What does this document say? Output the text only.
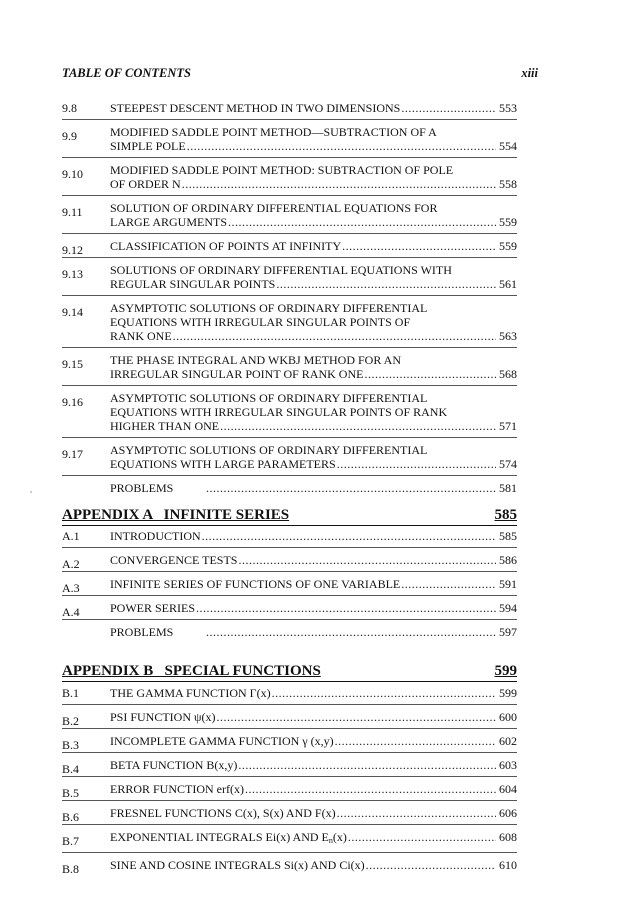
TABLE OF CONTENTS	xiii
9.8	STEEPEST DESCENT METHOD IN TWO DIMENSIONS .....	553
9.9	MODIFIED SADDLE POINT METHOD—SUBTRACTION OF A
SIMPLE POLE .....	554
9.10	MODIFIED SADDLE POINT METHOD: SUBTRACTION OF POLE
OF ORDER N .....	558
9.11	SOLUTION OF ORDINARY DIFFERENTIAL EQUATIONS FOR
LARGE ARGUMENTS .....	559
9.12	CLASSIFICATION OF POINTS AT INFINITY .....	559
9.13	SOLUTIONS OF ORDINARY DIFFERENTIAL EQUATIONS WITH
REGULAR SINGULAR POINTS .....	561
9.14	ASYMPTOTIC SOLUTIONS OF ORDINARY DIFFERENTIAL
EQUATIONS WITH IRREGULAR SINGULAR POINTS OF
RANK ONE .....	563
9.15	THE PHASE INTEGRAL AND WKBJ METHOD FOR AN
IRREGULAR SINGULAR POINT OF RANK ONE .....	568
9.16	ASYMPTOTIC SOLUTIONS OF ORDINARY DIFFERENTIAL
EQUATIONS WITH IRREGULAR SINGULAR POINTS OF RANK
HIGHER THAN ONE .....	571
9.17	ASYMPTOTIC SOLUTIONS OF ORDINARY DIFFERENTIAL
EQUATIONS WITH LARGE PARAMETERS .....	574
PROBLEMS .....	581
APPENDIX A   INFINITE SERIES	585
A.1	INTRODUCTION .....	585
A.2	CONVERGENCE TESTS .....	586
A.3	INFINITE SERIES OF FUNCTIONS OF ONE VARIABLE .....	591
A.4	POWER SERIES .....	594
PROBLEMS .....	597
APPENDIX B   SPECIAL FUNCTIONS	599
B.1	THE GAMMA FUNCTION Γ(x) .....	599
B.2	PSI FUNCTION ψ(x) .....	600
B.3	INCOMPLETE GAMMA FUNCTION γ (x,y) .....	602
B.4	BETA FUNCTION B(x,y) .....	603
B.5	ERROR FUNCTION erf(x) .....	604
B.6	FRESNEL FUNCTIONS C(x), S(x) AND F(x) .....	606
B.7	EXPONENTIAL INTEGRALS Ei(x) AND $E_n(x)$ .....	608
B.8	SINE AND COSINE INTEGRALS Si(x) AND Ci(x) .....	610
